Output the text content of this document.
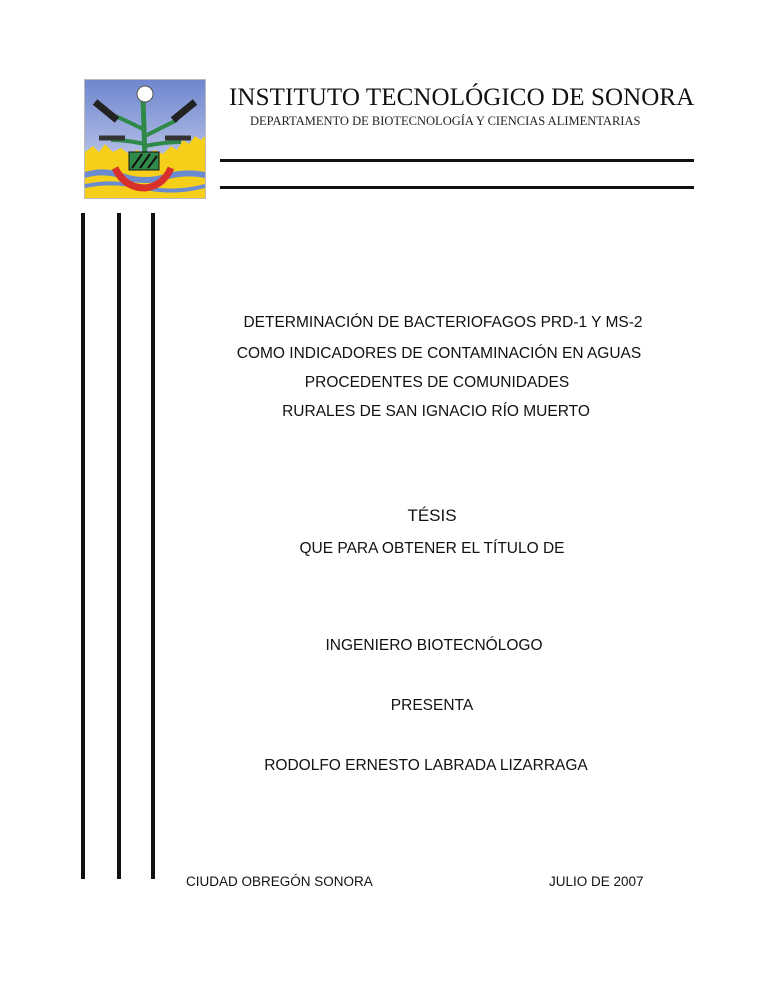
INSTITUTO TECNOLÓGICO DE SONORA
DEPARTAMENTO DE BIOTECNOLOGÍA Y CIENCIAS ALIMENTARIAS
DETERMINACIÓN DE BACTERIOFAGOS PRD-1 Y MS-2
COMO INDICADORES DE CONTAMINACIÓN EN AGUAS
PROCEDENTES DE COMUNIDADES
RURALES DE SAN IGNACIO RÍO MUERTO
TÉSIS
QUE PARA OBTENER EL TÍTULO DE
INGENIERO BIOTECNÓLOGO
PRESENTA
RODOLFO ERNESTO LABRADA LIZARRAGA
CIUDAD OBREGÓN SONORA	JULIO DE 2007
